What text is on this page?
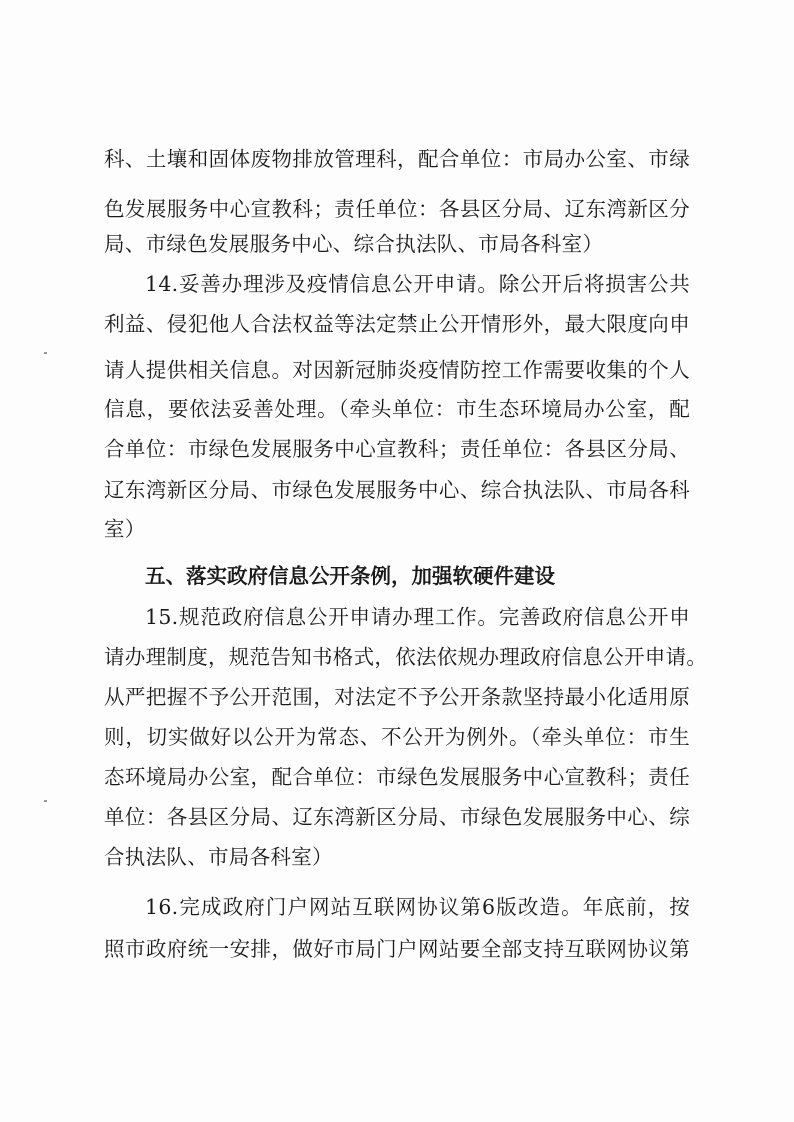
科、土壤和固体废物排放管理科，配合单位：市局办公室、市绿
色发展服务中心宣教科；责任单位：各县区分局、辽东湾新区分
局、市绿色发展服务中心、综合执法队、市局各科室）
14.妥善办理涉及疫情信息公开申请。除公开后将损害公共
利益、侵犯他人合法权益等法定禁止公开情形外，最大限度向申
请人提供相关信息。对因新冠肺炎疫情防控工作需要收集的个人
信息，要依法妥善处理。（牵头单位：市生态环境局办公室，配
合单位：市绿色发展服务中心宣教科；责任单位：各县区分局、
辽东湾新区分局、市绿色发展服务中心、综合执法队、市局各科
室）
五、落实政府信息公开条例，加强软硬件建设
15.规范政府信息公开申请办理工作。完善政府信息公开申
请办理制度，规范告知书格式，依法依规办理政府信息公开申请。
从严把握不予公开范围，对法定不予公开条款坚持最小化适用原
则，切实做好以公开为常态、不公开为例外。（牵头单位：市生
态环境局办公室，配合单位：市绿色发展服务中心宣教科；责任
单位：各县区分局、辽东湾新区分局、市绿色发展服务中心、综
合执法队、市局各科室）
16.完成政府门户网站互联网协议第6版改造。年底前，按
照市政府统一安排，做好市局门户网站要全部支持互联网协议第
